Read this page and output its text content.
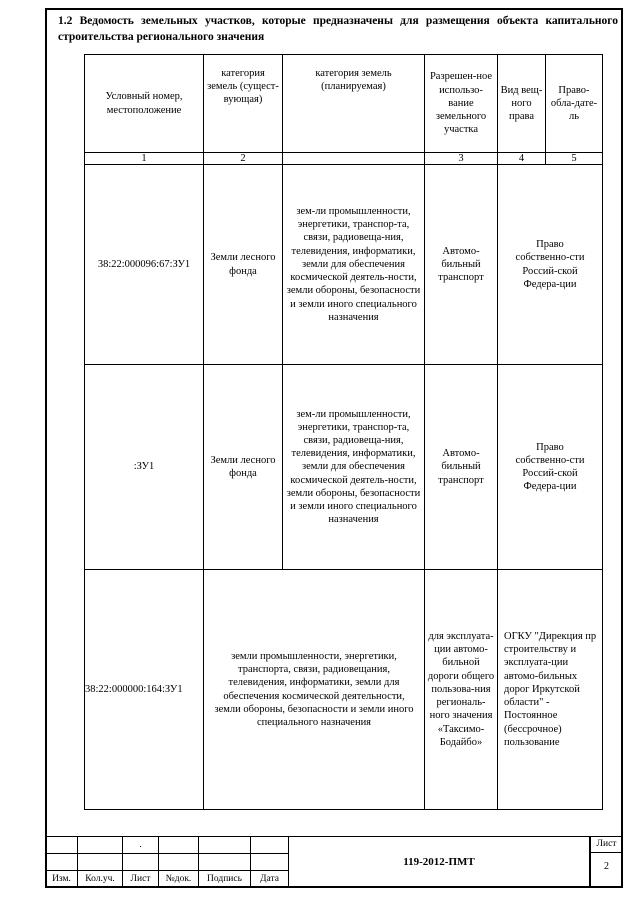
1.2 Ведомость земельных участков, которые предназначены для размещения объекта капитального строительства регионального значения
Условный номер, местоположение	категория земель (сущест-вующая)	категория земель (планируемая)	Разрешен-ное использо-вание земельного участка	Вид вещ-ного права	Право-обла-дате-ль
1	2		3	4	5
38:22:000096:67:ЗУ1	Земли лесного фонда	зем-ли промышленности, энергетики, транспор-та, связи, радиовеща-ния, телевидения, информатики, земли для обеспечения космической деятель-ности, земли обороны, безопасности и земли иного специального назначения	Автомо-бильный транспорт	Право собственно-сти Россий-ской Федера-ции	
:ЗУ1	Земли лесного фонда	зем-ли промышленности, энергетики, транспор-та, связи, радиовеща-ния, телевидения, информатики, земли для обеспечения космической деятель-ности, земли обороны, безопасности и земли иного специального назначения	Автомо-бильный транспорт	Право собственно-сти Россий-ской Федера-ции	
38:22:000000:164:ЗУ1	земли промышленности, энергетики, транспорта, связи, радиовещания, телевидения, информатики, земли для обеспечения космической деятельности, земли обороны, безопасности и земли иного специального назначения		для эксплуата-ции автомо-бильной дороги общего пользова-ния региональ-ного значения «Таксимо-Бодайбо»	ОГКУ "Дирекция пр строительству и эксплуата-ции автомо-бильных дорог Иркутской области" - Постоянное (бессрочное) пользование	
		.			

Изм.	Кол.уч.	Лист	№док.	Подпись	Дата
119-2012-ПМТ
Лист
2
